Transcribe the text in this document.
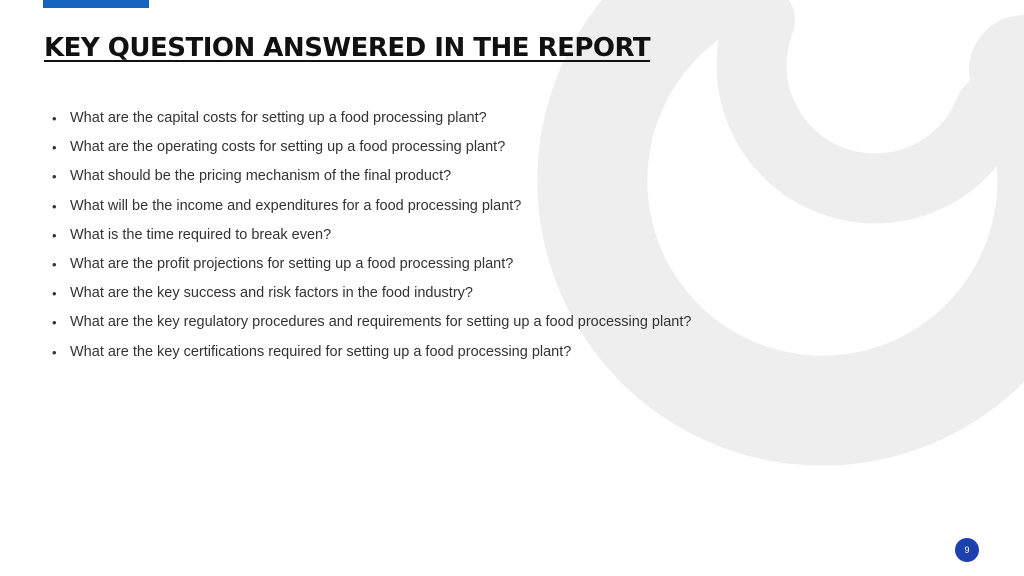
KEY QUESTION ANSWERED IN THE REPORT
• What are the capital costs for setting up a food processing plant?
• What are the operating costs for setting up a food processing plant?
• What should be the pricing mechanism of the final product?
• What will be the income and expenditures for a food processing plant?
• What is the time required to break even?
• What are the profit projections for setting up a food processing plant?
• What are the key success and risk factors in the food industry?
• What are the key regulatory procedures and requirements for setting up a food processing plant?
• What are the key certifications required for setting up a food processing plant?
9
